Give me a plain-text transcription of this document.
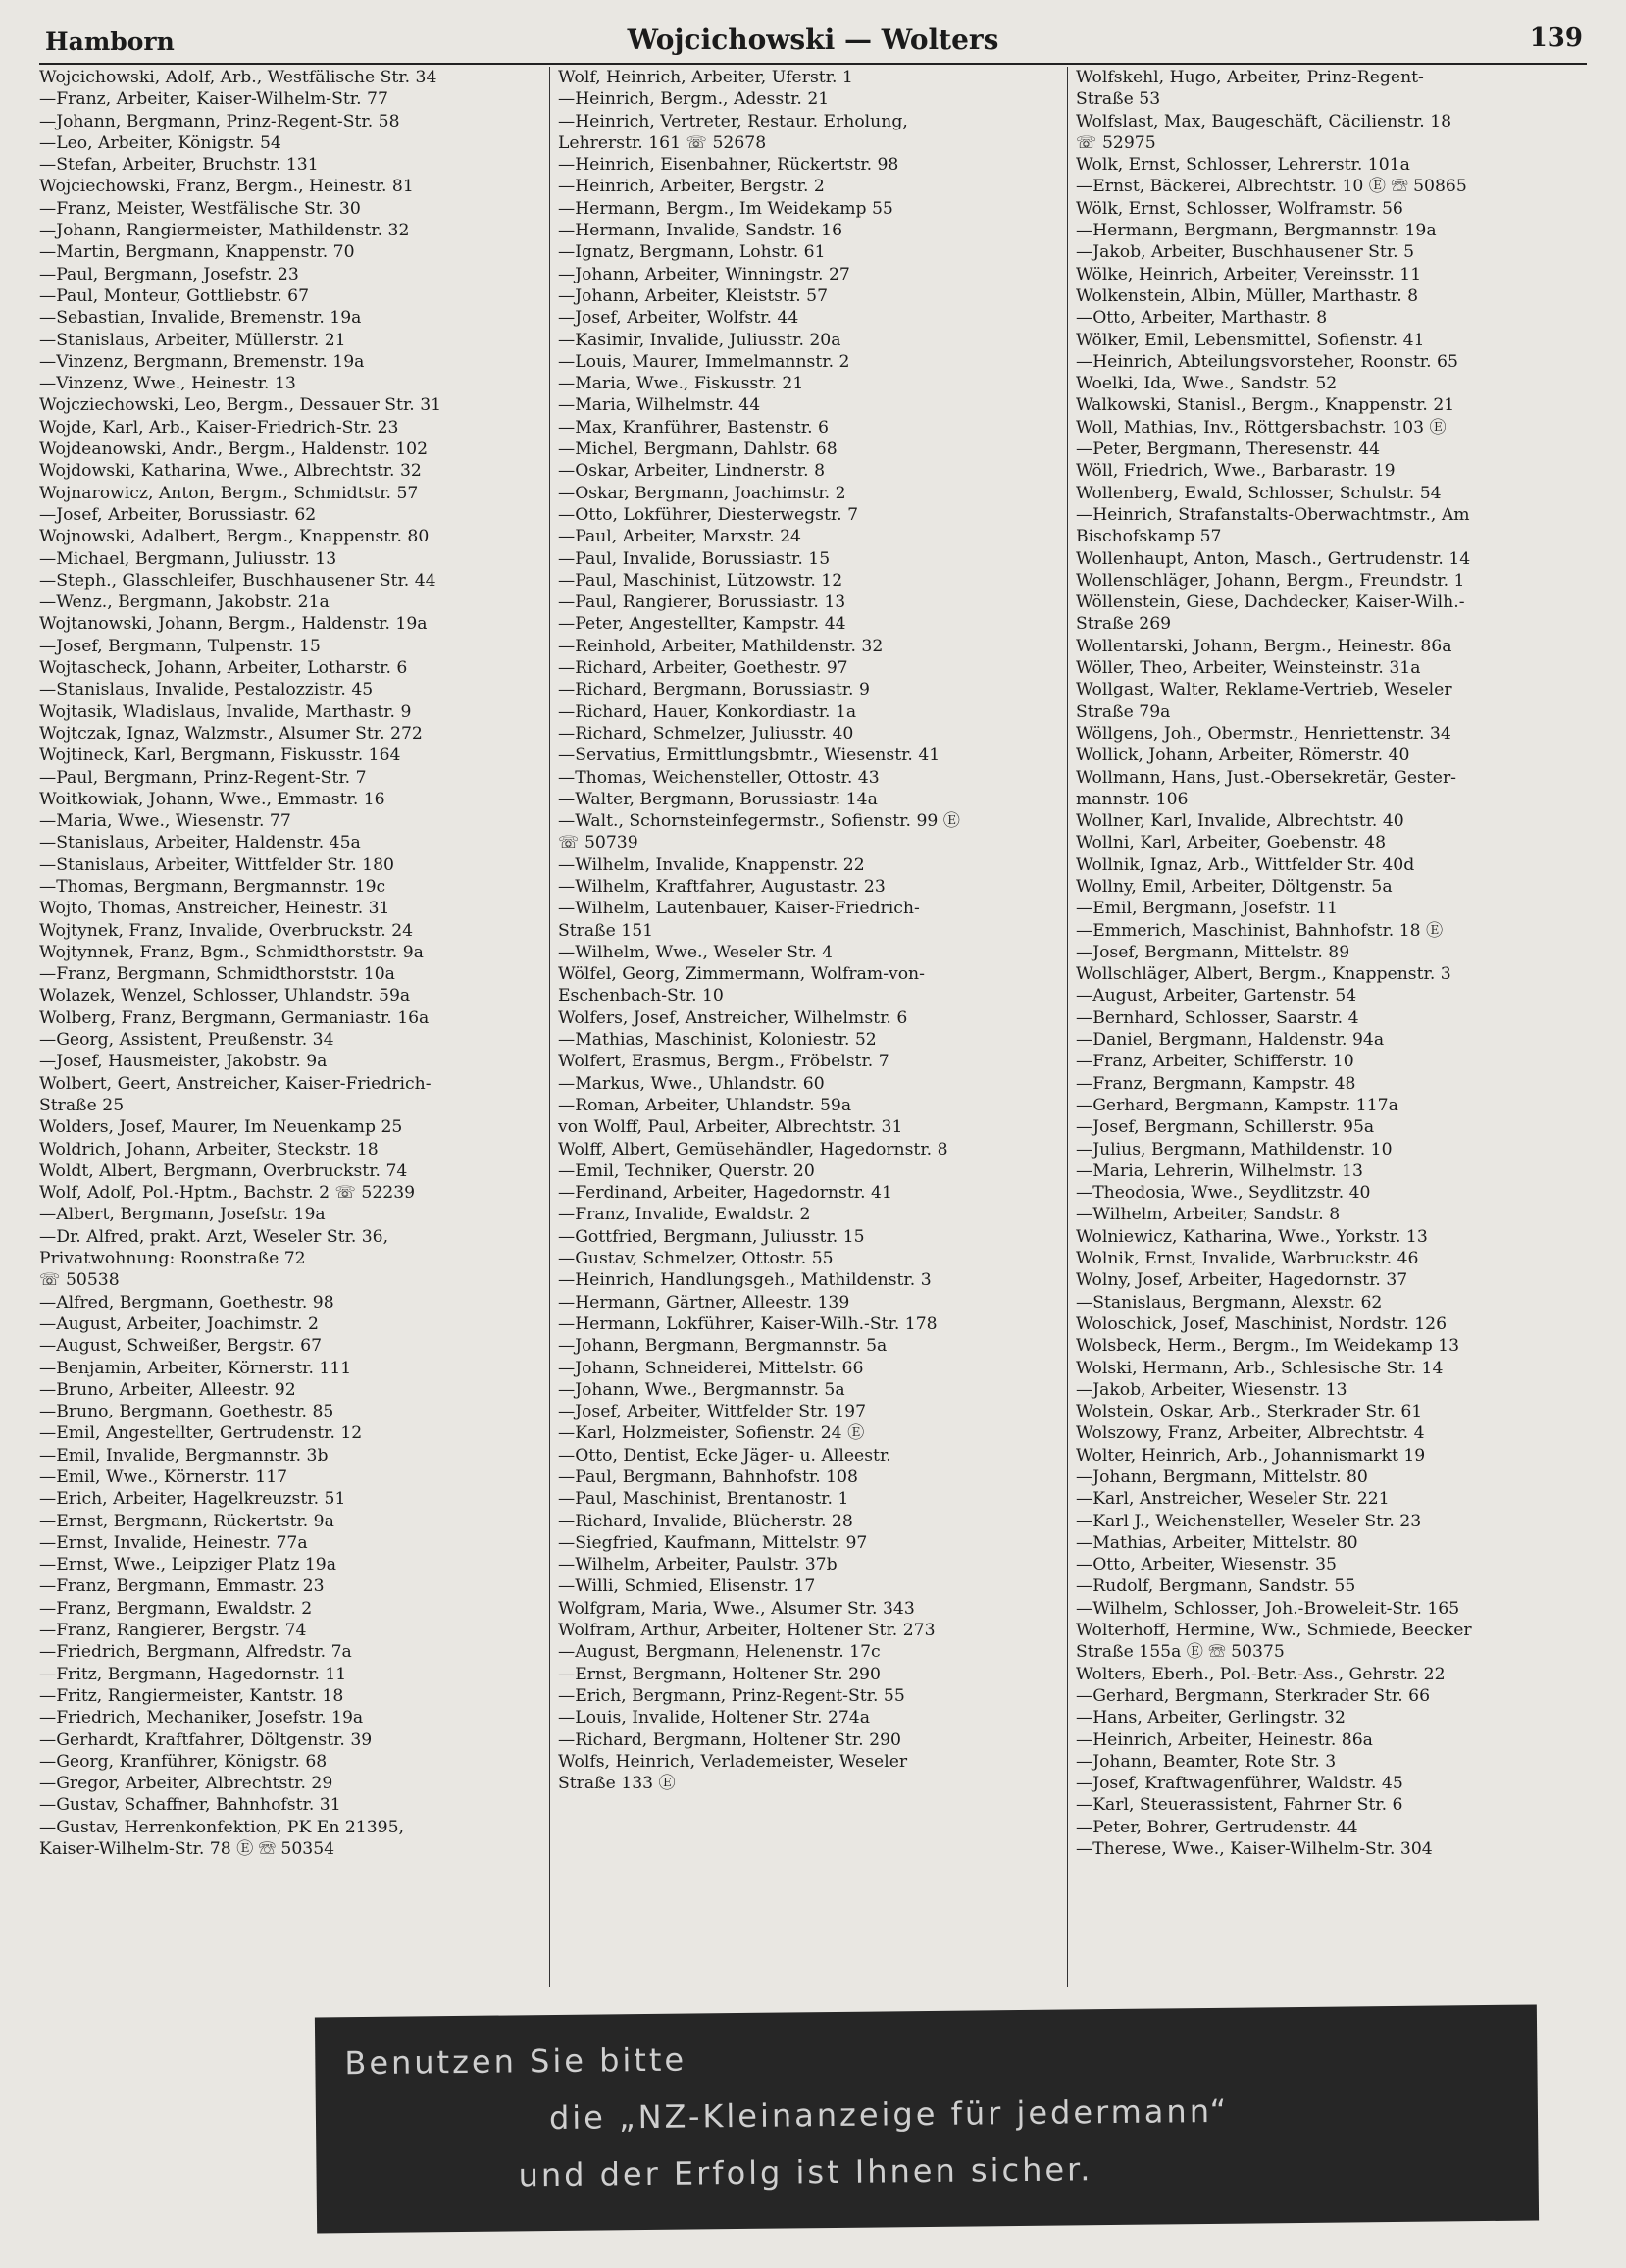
Hamborn	Wojcichowski — Wolters	139
Wojcichowski, Adolf, Arb., Westfälische Str. 34
—Franz, Arbeiter, Kaiser-Wilhelm-Str. 77
—Johann, Bergmann, Prinz-Regent-Str. 58
—Leo, Arbeiter, Königstr. 54
—Stefan, Arbeiter, Bruchstr. 131
Wojciechowski, Franz, Bergm., Heinestr. 81
—Franz, Meister, Westfälische Str. 30
—Johann, Rangiermeister, Mathildenstr. 32
—Martin, Bergmann, Knappenstr. 70
—Paul, Bergmann, Josefstr. 23
—Paul, Monteur, Gottliebstr. 67
—Sebastian, Invalide, Bremenstr. 19a
—Stanislaus, Arbeiter, Müllerstr. 21
—Vinzenz, Bergmann, Bremenstr. 19a
—Vinzenz, Wwe., Heinestr. 13
Wojcziechowski, Leo, Bergm., Dessauer Str. 31
Wojde, Karl, Arb., Kaiser-Friedrich-Str. 23
Wojdeanowski, Andr., Bergm., Haldenstr. 102
Wojdowski, Katharina, Wwe., Albrechtstr. 32
Wojnarowicz, Anton, Bergm., Schmidtstr. 57
—Josef, Arbeiter, Borussiastr. 62
Wojnowski, Adalbert, Bergm., Knappenstr. 80
—Michael, Bergmann, Juliusstr. 13
—Steph., Glasschleifer, Buschhausener Str. 44
—Wenz., Bergmann, Jakobstr. 21a
Wojtanowski, Johann, Bergm., Haldenstr. 19a
—Josef, Bergmann, Tulpenstr. 15
Wojtascheck, Johann, Arbeiter, Lotharstr. 6
—Stanislaus, Invalide, Pestalozzistr. 45
Wojtasik, Wladislaus, Invalide, Marthastr. 9
Wojtczak, Ignaz, Walzmstr., Alsumer Str. 272
Wojtineck, Karl, Bergmann, Fiskusstr. 164
—Paul, Bergmann, Prinz-Regent-Str. 7
Woitkowiak, Johann, Wwe., Emmastr. 16
—Maria, Wwe., Wiesenstr. 77
—Stanislaus, Arbeiter, Haldenstr. 45a
—Stanislaus, Arbeiter, Wittfelder Str. 180
—Thomas, Bergmann, Bergmannstr. 19c
Wojto, Thomas, Anstreicher, Heinestr. 31
Wojtynek, Franz, Invalide, Overbruckstr. 24
Wojtynnek, Franz, Bgm., Schmidthorststr. 9a
—Franz, Bergmann, Schmidthorststr. 10a
Wolazek, Wenzel, Schlosser, Uhlandstr. 59a
Wolberg, Franz, Bergmann, Germaniastr. 16a
—Georg, Assistent, Preußenstr. 34
—Josef, Hausmeister, Jakobstr. 9a
Wolbert, Geert, Anstreicher, Kaiser-Friedrich-
Straße 25
Wolders, Josef, Maurer, Im Neuenkamp 25
Woldrich, Johann, Arbeiter, Steckstr. 18
Woldt, Albert, Bergmann, Overbruckstr. 74
Wolf, Adolf, Pol.-Hptm., Bachstr. 2 ☏ 52239
—Albert, Bergmann, Josefstr. 19a
—Dr. Alfred, prakt. Arzt, Weseler Str. 36,
Privatwohnung: Roonstraße 72
☏ 50538
—Alfred, Bergmann, Goethestr. 98
—August, Arbeiter, Joachimstr. 2
—August, Schweißer, Bergstr. 67
—Benjamin, Arbeiter, Körnerstr. 111
—Bruno, Arbeiter, Alleestr. 92
—Bruno, Bergmann, Goethestr. 85
—Emil, Angestellter, Gertrudenstr. 12
—Emil, Invalide, Bergmannstr. 3b
—Emil, Wwe., Körnerstr. 117
—Erich, Arbeiter, Hagelkreuzstr. 51
—Ernst, Bergmann, Rückertstr. 9a
—Ernst, Invalide, Heinestr. 77a
—Ernst, Wwe., Leipziger Platz 19a
—Franz, Bergmann, Emmastr. 23
—Franz, Bergmann, Ewaldstr. 2
—Franz, Rangierer, Bergstr. 74
—Friedrich, Bergmann, Alfredstr. 7a
—Fritz, Bergmann, Hagedornstr. 11
—Fritz, Rangiermeister, Kantstr. 18
—Friedrich, Mechaniker, Josefstr. 19a
—Gerhardt, Kraftfahrer, Döltgenstr. 39
—Georg, Kranführer, Königstr. 68
—Gregor, Arbeiter, Albrechtstr. 29
—Gustav, Schaffner, Bahnhofstr. 31
—Gustav, Herrenkonfektion, PK En 21395,
Kaiser-Wilhelm-Str. 78 Ⓔ ☏ 50354
Wolf, Heinrich, Arbeiter, Uferstr. 1
—Heinrich, Bergm., Adesstr. 21
—Heinrich, Vertreter, Restaur. Erholung,
Lehrerstr. 161 ☏ 52678
—Heinrich, Eisenbahner, Rückertstr. 98
—Heinrich, Arbeiter, Bergstr. 2
—Hermann, Bergm., Im Weidekamp 55
—Hermann, Invalide, Sandstr. 16
—Ignatz, Bergmann, Lohstr. 61
—Johann, Arbeiter, Winningstr. 27
—Johann, Arbeiter, Kleiststr. 57
—Josef, Arbeiter, Wolfstr. 44
—Kasimir, Invalide, Juliusstr. 20a
—Louis, Maurer, Immelmannstr. 2
—Maria, Wwe., Fiskusstr. 21
—Maria, Wilhelmstr. 44
—Max, Kranführer, Bastenstr. 6
—Michel, Bergmann, Dahlstr. 68
—Oskar, Arbeiter, Lindnerstr. 8
—Oskar, Bergmann, Joachimstr. 2
—Otto, Lokführer, Diesterwegstr. 7
—Paul, Arbeiter, Marxstr. 24
—Paul, Invalide, Borussiastr. 15
—Paul, Maschinist, Lützowstr. 12
—Paul, Rangierer, Borussiastr. 13
—Peter, Angestellter, Kampstr. 44
—Reinhold, Arbeiter, Mathildenstr. 32
—Richard, Arbeiter, Goethestr. 97
—Richard, Bergmann, Borussiastr. 9
—Richard, Hauer, Konkordiastr. 1a
—Richard, Schmelzer, Juliusstr. 40
—Servatius, Ermittlungsbmtr., Wiesenstr. 41
—Thomas, Weichensteller, Ottostr. 43
—Walter, Bergmann, Borussiastr. 14a
—Walt., Schornsteinfegermstr., Sofienstr. 99 Ⓔ
☏ 50739
—Wilhelm, Invalide, Knappenstr. 22
—Wilhelm, Kraftfahrer, Augustastr. 23
—Wilhelm, Lautenbauer, Kaiser-Friedrich-
Straße 151
—Wilhelm, Wwe., Weseler Str. 4
Wölfel, Georg, Zimmermann, Wolfram-von-
Eschenbach-Str. 10
Wolfers, Josef, Anstreicher, Wilhelmstr. 6
—Mathias, Maschinist, Koloniestr. 52
Wolfert, Erasmus, Bergm., Fröbelstr. 7
—Markus, Wwe., Uhlandstr. 60
—Roman, Arbeiter, Uhlandstr. 59a
von Wolff, Paul, Arbeiter, Albrechtstr. 31
Wolff, Albert, Gemüsehändler, Hagedornstr. 8
—Emil, Techniker, Querstr. 20
—Ferdinand, Arbeiter, Hagedornstr. 41
—Franz, Invalide, Ewaldstr. 2
—Gottfried, Bergmann, Juliusstr. 15
—Gustav, Schmelzer, Ottostr. 55
—Heinrich, Handlungsgeh., Mathildenstr. 3
—Hermann, Gärtner, Alleestr. 139
—Hermann, Lokführer, Kaiser-Wilh.-Str. 178
—Johann, Bergmann, Bergmannstr. 5a
—Johann, Schneiderei, Mittelstr. 66
—Johann, Wwe., Bergmannstr. 5a
—Josef, Arbeiter, Wittfelder Str. 197
—Karl, Holzmeister, Sofienstr. 24 Ⓔ
—Otto, Dentist, Ecke Jäger- u. Alleestr.
—Paul, Bergmann, Bahnhofstr. 108
—Paul, Maschinist, Brentanostr. 1
—Richard, Invalide, Blücherstr. 28
—Siegfried, Kaufmann, Mittelstr. 97
—Wilhelm, Arbeiter, Paulstr. 37b
—Willi, Schmied, Elisenstr. 17
Wolfgram, Maria, Wwe., Alsumer Str. 343
Wolfram, Arthur, Arbeiter, Holtener Str. 273
—August, Bergmann, Helenenstr. 17c
—Ernst, Bergmann, Holtener Str. 290
—Erich, Bergmann, Prinz-Regent-Str. 55
—Louis, Invalide, Holtener Str. 274a
—Richard, Bergmann, Holtener Str. 290
Wolfs, Heinrich, Verlademeister, Weseler
Straße 133 Ⓔ
Wolfskehl, Hugo, Arbeiter, Prinz-Regent-
Straße 53
Wolfslast, Max, Baugeschäft, Cäcilienstr. 18
☏ 52975
Wolk, Ernst, Schlosser, Lehrerstr. 101a
—Ernst, Bäckerei, Albrechtstr. 10 Ⓔ ☏ 50865
Wölk, Ernst, Schlosser, Wolframstr. 56
—Hermann, Bergmann, Bergmannstr. 19a
—Jakob, Arbeiter, Buschhausener Str. 5
Wölke, Heinrich, Arbeiter, Vereinsstr. 11
Wolkenstein, Albin, Müller, Marthastr. 8
—Otto, Arbeiter, Marthastr. 8
Wölker, Emil, Lebensmittel, Sofienstr. 41
—Heinrich, Abteilungsvorsteher, Roonstr. 65
Woelki, Ida, Wwe., Sandstr. 52
Walkowski, Stanisl., Bergm., Knappenstr. 21
Woll, Mathias, Inv., Röttgersbachstr. 103 Ⓔ
—Peter, Bergmann, Theresenstr. 44
Wöll, Friedrich, Wwe., Barbarastr. 19
Wollenberg, Ewald, Schlosser, Schulstr. 54
—Heinrich, Strafanstalts-Oberwachtmstr., Am
Bischofskamp 57
Wollenhaupt, Anton, Masch., Gertrudenstr. 14
Wollenschläger, Johann, Bergm., Freundstr. 1
Wöllenstein, Giese, Dachdecker, Kaiser-Wilh.-
Straße 269
Wollentarski, Johann, Bergm., Heinestr. 86a
Wöller, Theo, Arbeiter, Weinsteinstr. 31a
Wollgast, Walter, Reklame-Vertrieb, Weseler
Straße 79a
Wöllgens, Joh., Obermstr., Henriettenstr. 34
Wollick, Johann, Arbeiter, Römerstr. 40
Wollmann, Hans, Just.-Obersekretär, Gester-
mannstr. 106
Wollner, Karl, Invalide, Albrechtstr. 40
Wollni, Karl, Arbeiter, Goebenstr. 48
Wollnik, Ignaz, Arb., Wittfelder Str. 40d
Wollny, Emil, Arbeiter, Döltgenstr. 5a
—Emil, Bergmann, Josefstr. 11
—Emmerich, Maschinist, Bahnhofstr. 18 Ⓔ
—Josef, Bergmann, Mittelstr. 89
Wollschläger, Albert, Bergm., Knappenstr. 3
—August, Arbeiter, Gartenstr. 54
—Bernhard, Schlosser, Saarstr. 4
—Daniel, Bergmann, Haldenstr. 94a
—Franz, Arbeiter, Schifferstr. 10
—Franz, Bergmann, Kampstr. 48
—Gerhard, Bergmann, Kampstr. 117a
—Josef, Bergmann, Schillerstr. 95a
—Julius, Bergmann, Mathildenstr. 10
—Maria, Lehrerin, Wilhelmstr. 13
—Theodosia, Wwe., Seydlitzstr. 40
—Wilhelm, Arbeiter, Sandstr. 8
Wolniewicz, Katharina, Wwe., Yorkstr. 13
Wolnik, Ernst, Invalide, Warbruckstr. 46
Wolny, Josef, Arbeiter, Hagedornstr. 37
—Stanislaus, Bergmann, Alexstr. 62
Woloschick, Josef, Maschinist, Nordstr. 126
Wolsbeck, Herm., Bergm., Im Weidekamp 13
Wolski, Hermann, Arb., Schlesische Str. 14
—Jakob, Arbeiter, Wiesenstr. 13
Wolstein, Oskar, Arb., Sterkrader Str. 61
Wolszowy, Franz, Arbeiter, Albrechtstr. 4
Wolter, Heinrich, Arb., Johannismarkt 19
—Johann, Bergmann, Mittelstr. 80
—Karl, Anstreicher, Weseler Str. 221
—Karl J., Weichensteller, Weseler Str. 23
—Mathias, Arbeiter, Mittelstr. 80
—Otto, Arbeiter, Wiesenstr. 35
—Rudolf, Bergmann, Sandstr. 55
—Wilhelm, Schlosser, Joh.-Broweleit-Str. 165
Wolterhoff, Hermine, Ww., Schmiede, Beecker
Straße 155a Ⓔ ☏ 50375
Wolters, Eberh., Pol.-Betr.-Ass., Gehrstr. 22
—Gerhard, Bergmann, Sterkrader Str. 66
—Hans, Arbeiter, Gerlingstr. 32
—Heinrich, Arbeiter, Heinestr. 86a
—Johann, Beamter, Rote Str. 3
—Josef, Kraftwagenführer, Waldstr. 45
—Karl, Steuerassistent, Fahrner Str. 6
—Peter, Bohrer, Gertrudenstr. 44
—Therese, Wwe., Kaiser-Wilhelm-Str. 304
Benutzen Sie bitte
die „NZ-Kleinanzeige für jedermann“
und der Erfolg ist Ihnen sicher.
